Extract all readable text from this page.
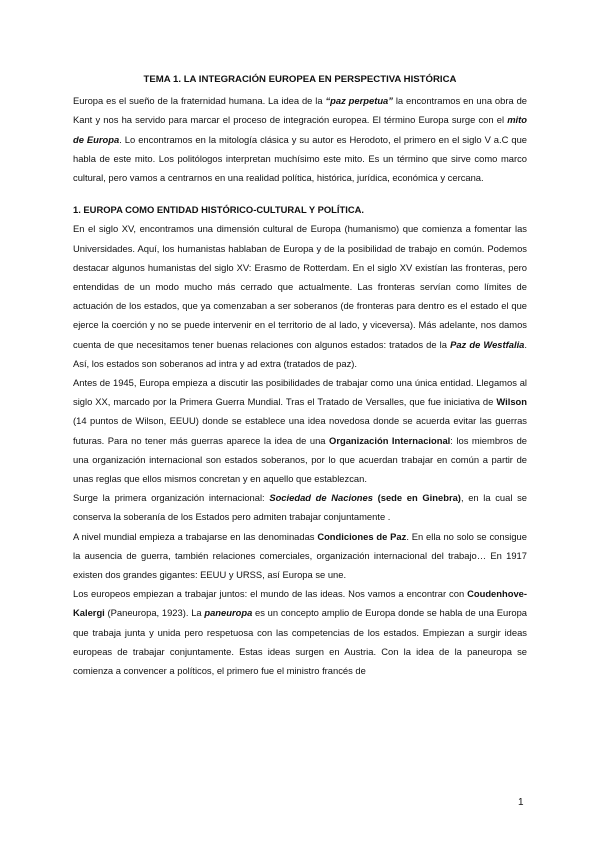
TEMA 1. LA INTEGRACIÓN EUROPEA EN PERSPECTIVA HISTÓRICA

Europa es el sueño de la fraternidad humana. La idea de la “paz perpetua” la encontramos en una obra de Kant y nos ha servido para marcar el proceso de integración europea. El término Europa surge con el mito de Europa. Lo encontramos en la mitología clásica y su autor es Herodoto, el primero en el siglo V a.C que habla de este mito. Los politólogos interpretan muchísimo este mito. Es un término que sirve como marco cultural, pero vamos a centrarnos en una realidad política, histórica, jurídica, económica y cercana.

1. EUROPA COMO ENTIDAD HISTÓRICO-CULTURAL Y POLÍTICA.

En el siglo XV, encontramos una dimensión cultural de Europa (humanismo) que comienza a fomentar las Universidades. Aquí, los humanistas hablaban de Europa y de la posibilidad de trabajo en común. Podemos destacar algunos humanistas del siglo XV: Erasmo de Rotterdam. En el siglo XV existían las fronteras, pero entendidas de un modo mucho más cerrado que actualmente. Las fronteras servían como límites de actuación de los estados, que ya comenzaban a ser soberanos (de fronteras para dentro es el estado el que ejerce la coerción y no se puede intervenir en el territorio de al lado, y viceversa). Más adelante, nos damos cuenta de que necesitamos tener buenas relaciones con algunos estados: tratados de la Paz de Westfalia. Así, los estados son soberanos ad intra y ad extra (tratados de paz).

Antes de 1945, Europa empieza a discutir las posibilidades de trabajar como una única entidad. Llegamos al siglo XX, marcado por la Primera Guerra Mundial. Tras el Tratado de Versalles, que fue iniciativa de Wilson (14 puntos de Wilson, EEUU) donde se establece una idea novedosa donde se acuerda evitar las guerras futuras. Para no tener más guerras aparece la idea de una Organización Internacional: los miembros de una organización internacional son estados soberanos, por lo que acuerdan trabajar en común a partir de unas reglas que ellos mismos concretan y en aquello que establezcan.

Surge la primera organización internacional: Sociedad de Naciones (sede en Ginebra), en la cual se conserva la soberanía de los Estados pero admiten trabajar conjuntamente .

A nivel mundial empieza a trabajarse en las denominadas Condiciones de Paz. En ella no solo se consigue la ausencia de guerra, también relaciones comerciales, organización internacional del trabajo… En 1917 existen dos grandes gigantes: EEUU y URSS, así Europa se une.

Los europeos empiezan a trabajar juntos: el mundo de las ideas. Nos vamos a encontrar con Coudenhove-Kalergi (Paneuropa, 1923). La paneuropa es un concepto amplio de Europa donde se habla de una Europa que trabaja junta y unida pero respetuosa con las competencias de los estados. Empiezan a surgir ideas europeas de trabajar conjuntamente. Estas ideas surgen en Austria. Con la idea de la paneuropa se comienza a convencer a políticos, el primero fue el ministro francés de

1
